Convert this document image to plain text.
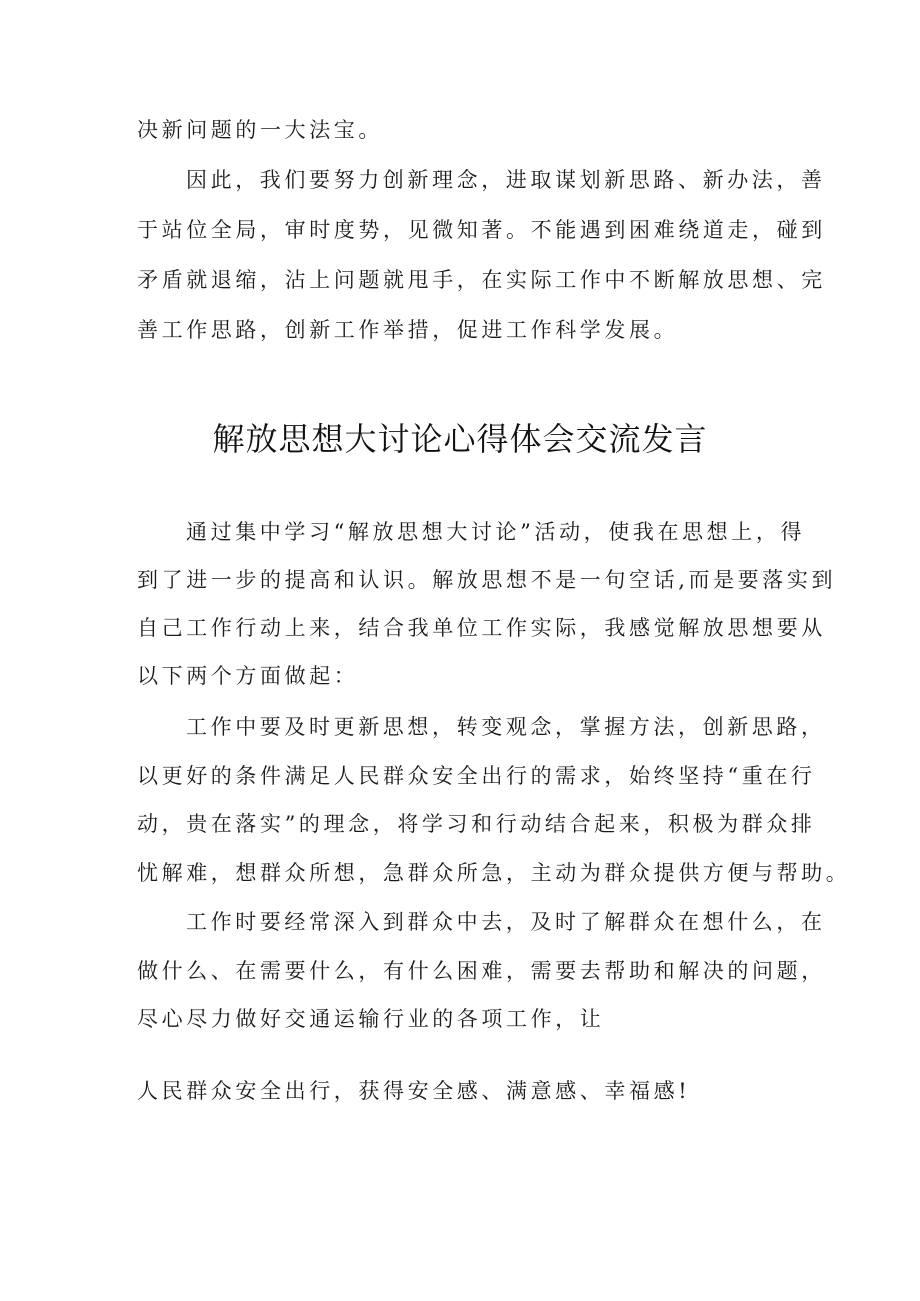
决新问题的一大法宝。
因此，我们要努力创新理念，进取谋划新思路、新办法，善
于站位全局，审时度势，见微知著。不能遇到困难绕道走，碰到
矛盾就退缩，沾上问题就甩手，在实际工作中不断解放思想、完
善工作思路，创新工作举措，促进工作科学发展。
解放思想大讨论心得体会交流发言
通过集中学习“解放思想大讨论”活动，使我在思想上，得
到了进一步的提高和认识。解放思想不是一句空话,而是要落实到
自己工作行动上来，结合我单位工作实际，我感觉解放思想要从
以下两个方面做起：
工作中要及时更新思想，转变观念，掌握方法，创新思路，
以更好的条件满足人民群众安全出行的需求，始终坚持“重在行
动，贵在落实”的理念，将学习和行动结合起来，积极为群众排
忧解难，想群众所想，急群众所急，主动为群众提供方便与帮助。
工作时要经常深入到群众中去，及时了解群众在想什么，在
做什么、在需要什么，有什么困难，需要去帮助和解决的问题，
尽心尽力做好交通运输行业的各项工作，让
人民群众安全出行，获得安全感、满意感、幸福感!
